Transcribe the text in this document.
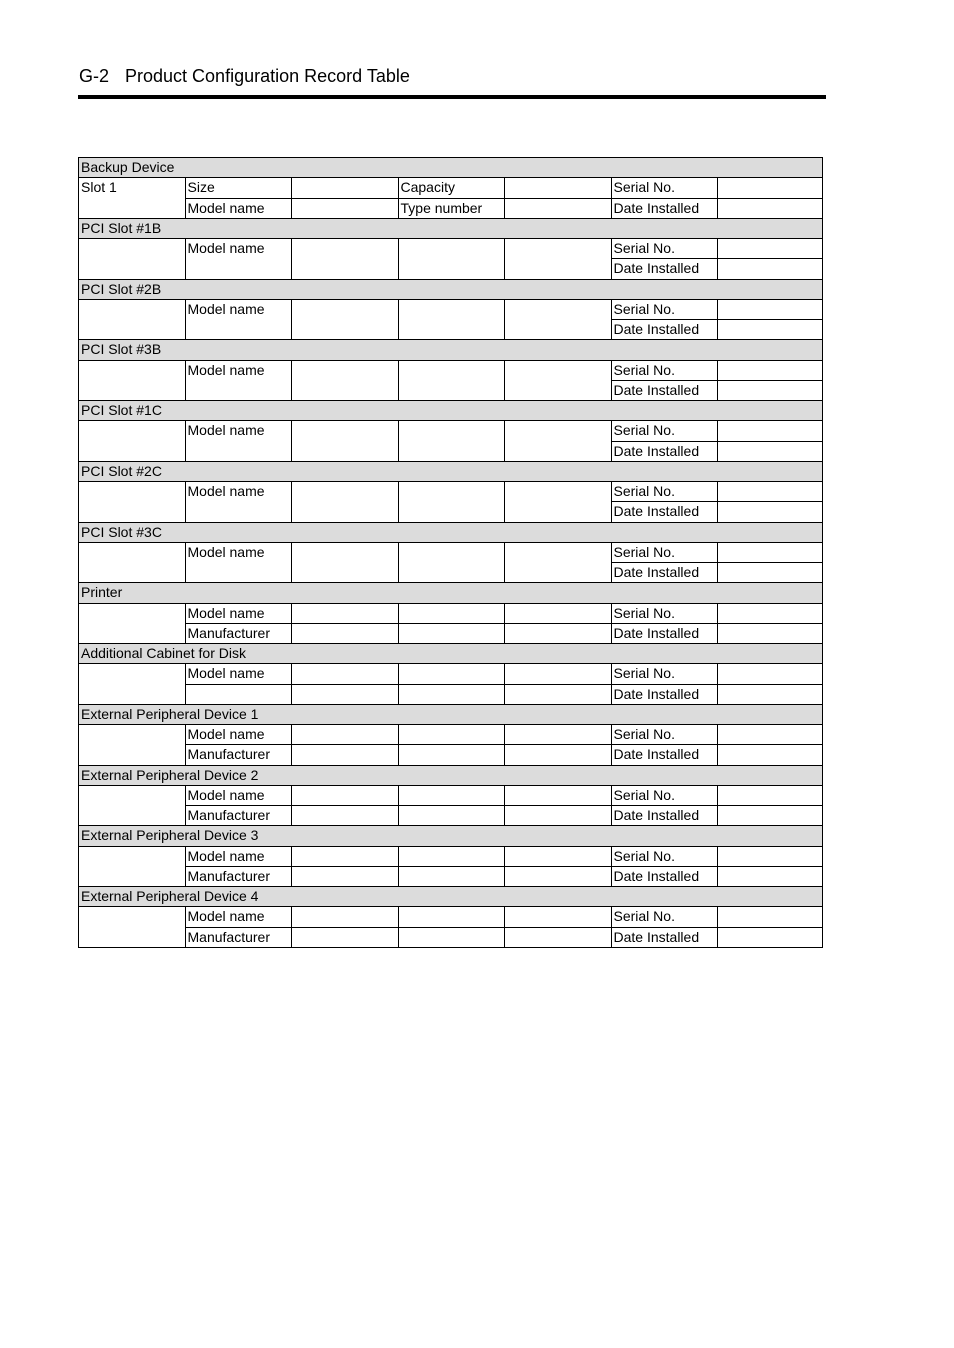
G-2 Product Configuration Record Table
Backup Device						
Slot 1	Size		Capacity		Serial No.	
	Model name		Type number		Date Installed	
PCI Slot #1B						
	Model name				Serial No.	
					Date Installed	
PCI Slot #2B						
	Model name				Serial No.	
					Date Installed	
PCI Slot #3B						
	Model name				Serial No.	
					Date Installed	
PCI Slot #1C						
	Model name				Serial No.	
					Date Installed	
PCI Slot #2C						
	Model name				Serial No.	
					Date Installed	
PCI Slot #3C						
	Model name				Serial No.	
					Date Installed	
Printer						
	Model name				Serial No.	
	Manufacturer				Date Installed	
Additional Cabinet for Disk						
	Model name				Serial No.	
					Date Installed	
External Peripheral Device 1						
	Model name				Serial No.	
	Manufacturer				Date Installed	
External Peripheral Device 2						
	Model name				Serial No.	
	Manufacturer				Date Installed	
External Peripheral Device 3						
	Model name				Serial No.	
	Manufacturer				Date Installed	
External Peripheral Device 4						
	Model name				Serial No.	
	Manufacturer				Date Installed	
